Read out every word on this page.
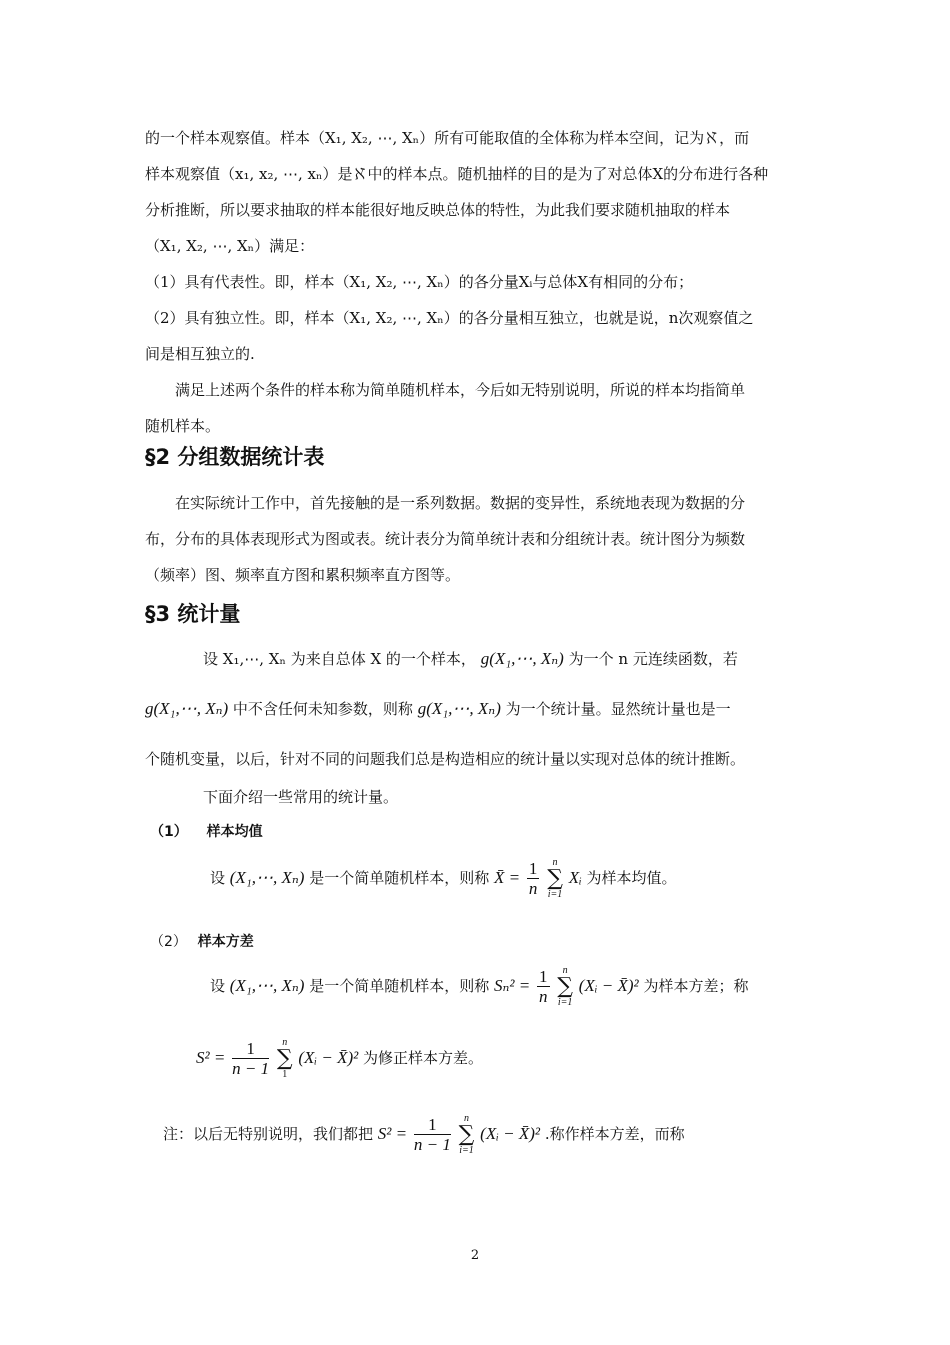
的一个样本观察值。样本（X₁, X₂, ⋯, Xₙ）所有可能取值的全体称为样本空间，记为ℵ，而
样本观察值（x₁, x₂, ⋯, xₙ）是ℵ中的样本点。随机抽样的目的是为了对总体X的分布进行各种
分析推断，所以要求抽取的样本能很好地反映总体的特性，为此我们要求随机抽取的样本
（X₁, X₂, ⋯, Xₙ）满足：
（1）具有代表性。即，样本（X₁, X₂, ⋯, Xₙ）的各分量Xᵢ与总体X有相同的分布；
（2）具有独立性。即，样本（X₁, X₂, ⋯, Xₙ）的各分量相互独立，也就是说，n次观察值之
间是相互独立的.
满足上述两个条件的样本称为简单随机样本，今后如无特别说明，所说的样本均指简单
随机样本。
§2 分组数据统计表
在实际统计工作中，首先接触的是一系列数据。数据的变异性，系统地表现为数据的分
布，分布的具体表现形式为图或表。统计表分为简单统计表和分组统计表。统计图分为频数
（频率）图、频率直方图和累积频率直方图等。
§3 统计量
设 X₁,⋯, Xₙ 为来自总体 X 的一个样本， g(X₁,⋯, Xₙ) 为一个 n 元连续函数，若
g(X₁,⋯, Xₙ) 中不含任何未知参数，则称 g(X₁,⋯, Xₙ) 为一个统计量。显然统计量也是一
个随机变量，以后，针对不同的问题我们总是构造相应的统计量以实现对总体的统计推断。
下面介绍一些常用的统计量。
（1） 样本均值
设 (X₁,⋯, Xₙ) 是一个简单随机样本，则称 X̄ = $\frac{1}{n}$ n
∑
i=1 Xᵢ 为样本均值。
（2） 样本方差
设 (X₁,⋯, Xₙ) 是一个简单随机样本，则称 $S_n^2 = \frac{1}{n}$ n
∑
i=1 (Xᵢ − X̄)² 为样本方差；称
$S^2 = \frac{1}{n - 1}$ n
∑
1 (Xᵢ − X̄)² 为修正样本方差。
注：以后无特别说明，我们都把 $S^2 = \frac{1}{n - 1}$ n
∑
i=1 (Xᵢ − X̄)² .称作样本方差，而称
2
